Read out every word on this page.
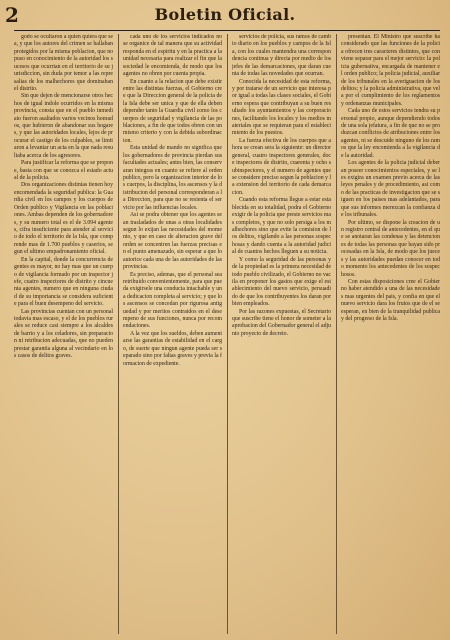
2	Boletin Oficial.

godo se ocultaron a quien quiera que sea, y que los autores del crimen se hallaban protegidos por la misma poblacion, que no puso en conocimiento de la autoridad los sucesos que ocurrian en el territorio de su jurisdiccion, sin duda por temor a las represalias de los malhechores que dominaban el distrito.

Sin que dejen de mencionarse otros hechos de igual indole ocurridos en la misma provincia, consta que en el pueblo inmediato fueron asaltados varios vecinos honrados, que hubieron de abandonar sus hogares, y que las autoridades locales, lejos de procurar el castigo de los culpables, se limitaron a levantar un acta en la que nada resultaba acerca de los agresores.

Para justificar la reforma que se propone, basta con que se conozca el estado actual de la policia.

Dos organizaciones distintas tienen hoy encomendada la seguridad publica: la Guardia civil en los campos y los cuerpos de Orden publico y Vigilancia en las poblaciones. Ambas dependen de los gobernadores, y su numero total es el de 3.094 agentes, cifra insuficiente para atender al servicio de todo el territorio de la Isla, que comprende mas de 1.700 pueblos y caserios, segun el ultimo empadronamiento oficial.

En la capital, donde la concurrencia de gentes es mayor, no hay mas que un cuerpo de vigilancia formado por un inspector jefe, cuatro inspectores de distrito y cincuenta agentes, numero que en ninguna ciudad de su importancia se considera suficiente para el buen desempeno del servicio.

Las provincias cuentan con un personal todavia mas escaso, y el de los pueblos rurales se reduce casi siempre a los alcaldes de barrio y a los celadores, sin preparacion ni retribucion adecuadas, que no pueden prestar garantia alguna al vecindario en los casos de delitos graves.

cada uno de los servicios indicados no se organice de tal manera que su actividad responda en el espiritu y en la practica a la unidad necesaria para realizar el fin que la sociedad le encomienda, de modo que los agentes no obren por cuenta propia.

En cuanto a la relacion que debe existir entre las distintas fuerzas, el Gobierno cree que la Direccion general de la policia de la Isla debe ser unica y que de ella deben depender tanto la Guardia civil como los cuerpos de seguridad y vigilancia de las poblaciones, a fin de que todos obren con un mismo criterio y con la debida subordinacion.

Esta unidad de mando no significa que los gobernadores de provincia pierdan sus facultades actuales; antes bien, las conservaran integras en cuanto se refiere al orden publico, pero la organizacion interior de los cuerpos, la disciplina, los ascensos y la distribucion del personal corresponderan a la Direccion, para que no se resienta el servicio por las influencias locales.

Asi se podra obtener que los agentes sean trasladados de unas a otras localidades segun lo exijan las necesidades del momento, y que en caso de alteracion grave del orden se concentren las fuerzas precisas en el punto amenazado, sin esperar a que lo autorice cada una de las autoridades de las provincias.

Es preciso, ademas, que el personal sea retribuido convenientemente, para que pueda exigirsele una conducta intachable y una dedicacion completa al servicio; y que los ascensos se concedan por rigurosa antiguedad y por meritos contraidos en el desempeno de sus funciones, nunca por recomendaciones.

A la vez que los sueldos, deben aumentarse las garantias de estabilidad en el cargo, de suerte que ningun agente pueda ser separado sino por faltas graves y previa la formacion de expediente.

servicios de policia, sus ramos de cambio diario en los pueblos y campos de la Isla, con los cuales mantendra una correspondencia continua y directa por medio de los jefes de las demarcaciones, que daran cuenta de todas las novedades que ocurran.

Conocida la necesidad de esta reforma, y por tratarse de un servicio que interesa por igual a todas las clases sociales, el Gobierno espera que contribuyan a su buen resultado los ayuntamientos y las corporaciones, facilitando los locales y los medios materiales que se requieran para el establecimiento de los puestos.

La fuerza efectiva de los cuerpos que ahora se crean sera la siguiente: un director general, cuatro inspectores generales, doce inspectores de distrito, cuarenta y ocho subinspectores, y el numero de agentes que se considere preciso segun la poblacion y la extension del territorio de cada demarcacion.

Cuando esta reforma llegue a estar establecida en su totalidad, podra el Gobierno exigir de la policia que preste servicios mas completos, y que no solo persiga a los malhechores sino que evite la comision de los delitos, vigilando a las personas sospechosas y dando cuenta a la autoridad judicial de cuantos hechos lleguen a su noticia.

Y como la seguridad de las personas y de la propiedad es la primera necesidad de todo pueblo civilizado, el Gobierno no vacila en proponer los gastos que exige el establecimiento del nuevo servicio, persuadido de que los contribuyentes los daran por bien empleados.

Por las razones expuestas, el Secretario que suscribe tiene el honor de someter a la aprobacion del Gobernador general el adjunto proyecto de decreto.

presentan. El Ministro que suscribe ha considerado que las funciones de la policia ofrecen tres caracteres distintos, que conviene separar para el mejor servicio: la policia gubernativa, encargada de mantener el orden publico; la policia judicial, auxiliar de los tribunales en la averiguacion de los delitos; y la policia administrativa, que vela por el cumplimiento de los reglamentos y ordenanzas municipales.

Cada uno de estos servicios tendra su personal propio, aunque dependiendo todos de una sola jefatura, a fin de que no se produzcan conflictos de atribuciones entre los agentes, ni se descuide ninguno de los ramos que la ley encomienda a la vigilancia de la autoridad.

Los agentes de la policia judicial deberan poseer conocimientos especiales, y se les exigira un examen previo acerca de las leyes penales y de procedimiento, asi como de las practicas de investigacion que se siguen en los paises mas adelantados, para que sus informes merezcan la confianza de los tribunales.

Por ultimo, se dispone la creacion de un registro central de antecedentes, en el que se anotaran las condenas y las detenciones de todas las personas que hayan sido procesadas en la Isla, de modo que los jueces y las autoridades puedan conocer en todo momento los antecedentes de los sospechosos.

Con estas disposiciones cree el Gobierno haber atendido a una de las necesidades mas urgentes del pais, y confia en que el nuevo servicio dara los frutos que de el se esperan, en bien de la tranquilidad publica y del progreso de la Isla.
